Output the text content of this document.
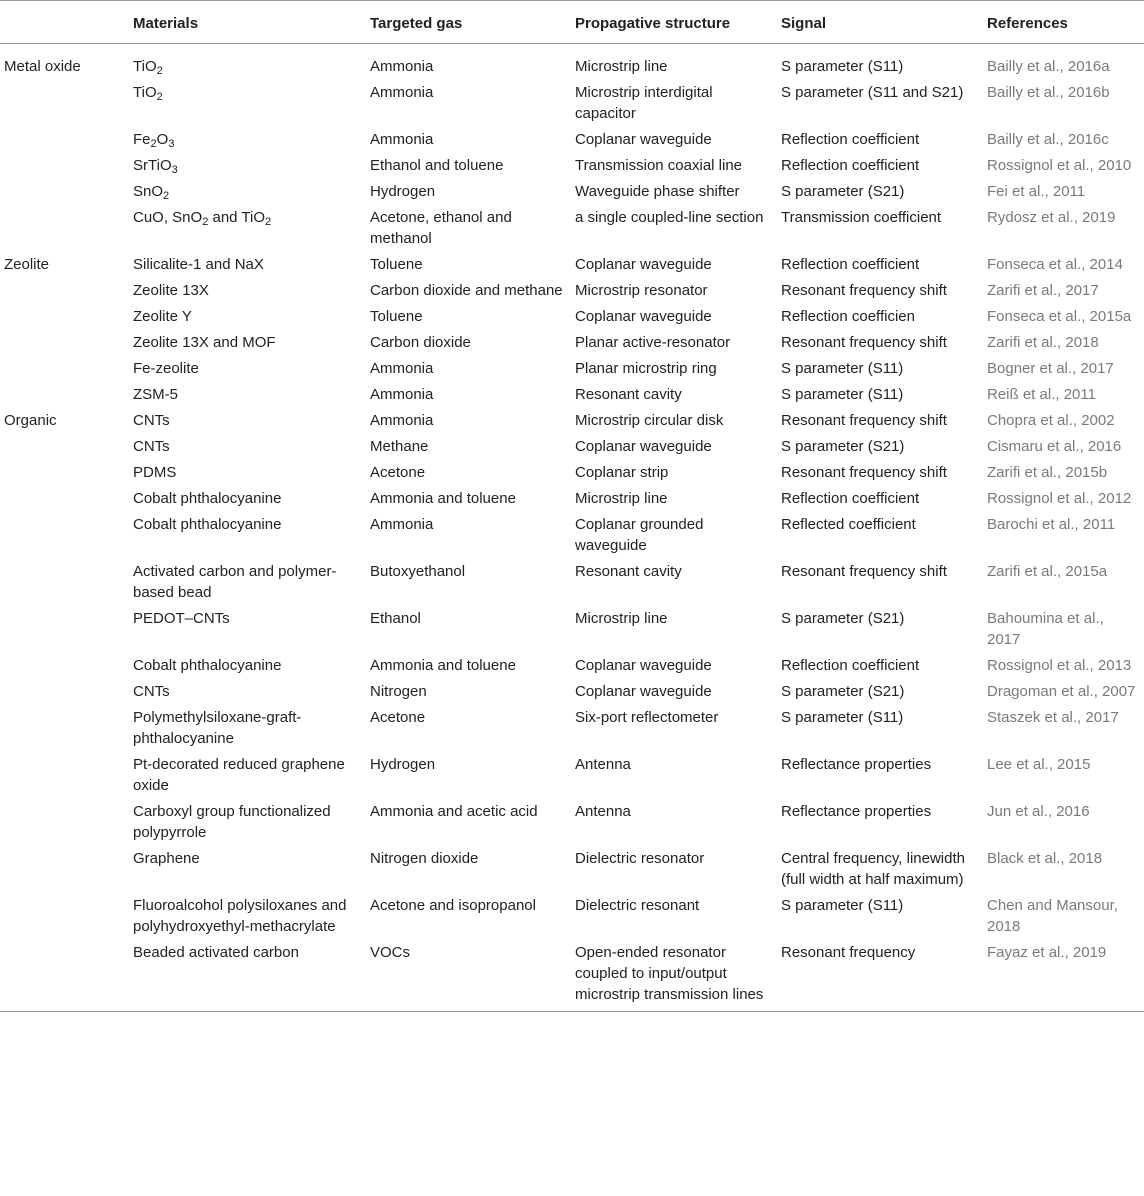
	Materials	Targeted gas	Propagative structure	Signal	References
Metal oxide	TiO$_2$	Ammonia	Microstrip line	S parameter (S11)	Bailly et al., 2016a
	TiO$_2$	Ammonia	Microstrip interdigital capacitor	S parameter (S11 and S21)	Bailly et al., 2016b
	$Fe_2O_3$	Ammonia	Coplanar waveguide	Reflection coefficient	Bailly et al., 2016c
	SrTiO$_3$	Ethanol and toluene	Transmission coaxial line	Reflection coefficient	Rossignol et al., 2010
	SnO$_2$	Hydrogen	Waveguide phase shifter	S parameter (S21)	Fei et al., 2011
	CuO, SnO$_2$ and TiO$_2$	Acetone, ethanol and methanol	a single coupled-line section	Transmission coefficient	Rydosz et al., 2019
Zeolite	Silicalite-1 and NaX	Toluene	Coplanar waveguide	Reflection coefficient	Fonseca et al., 2014
	Zeolite 13X	Carbon dioxide and methane	Microstrip resonator	Resonant frequency shift	Zarifi et al., 2017
	Zeolite Y	Toluene	Coplanar waveguide	Reflection coefficien	Fonseca et al., 2015a
	Zeolite 13X and MOF	Carbon dioxide	Planar active-resonator	Resonant frequency shift	Zarifi et al., 2018
	Fe-zeolite	Ammonia	Planar microstrip ring	S parameter (S11)	Bogner et al., 2017
	ZSM-5	Ammonia	Resonant cavity	S parameter (S11)	Reiß et al., 2011
Organic	CNTs	Ammonia	Microstrip circular disk	Resonant frequency shift	Chopra et al., 2002
	CNTs	Methane	Coplanar waveguide	S parameter (S21)	Cismaru et al., 2016
	PDMS	Acetone	Coplanar strip	Resonant frequency shift	Zarifi et al., 2015b
	Cobalt phthalocyanine	Ammonia and toluene	Microstrip line	Reflection coefficient	Rossignol et al., 2012
	Cobalt phthalocyanine	Ammonia	Coplanar grounded waveguide	Reflected coefficient	Barochi et al., 2011
	Activated carbon and polymer-based bead	Butoxyethanol	Resonant cavity	Resonant frequency shift	Zarifi et al., 2015a
	PEDOT–CNTs	Ethanol	Microstrip line	S parameter (S21)	Bahoumina et al., 2017
	Cobalt phthalocyanine	Ammonia and toluene	Coplanar waveguide	Reflection coefficient	Rossignol et al., 2013
	CNTs	Nitrogen	Coplanar waveguide	S parameter (S21)	Dragoman et al., 2007
	Polymethylsiloxane-graft-phthalocyanine	Acetone	Six-port reflectometer	S parameter (S11)	Staszek et al., 2017
	Pt-decorated reduced graphene oxide	Hydrogen	Antenna	Reflectance properties	Lee et al., 2015
	Carboxyl group functionalized polypyrrole	Ammonia and acetic acid	Antenna	Reflectance properties	Jun et al., 2016
	Graphene	Nitrogen dioxide	Dielectric resonator	Central frequency, linewidth (full width at half maximum)	Black et al., 2018
	Fluoroalcohol polysiloxanes and polyhydroxyethyl-methacrylate	Acetone and isopropanol	Dielectric resonant	S parameter (S11)	Chen and Mansour, 2018
	Beaded activated carbon	VOCs	Open-ended resonator coupled to input/output microstrip transmission lines	Resonant frequency	Fayaz et al., 2019
